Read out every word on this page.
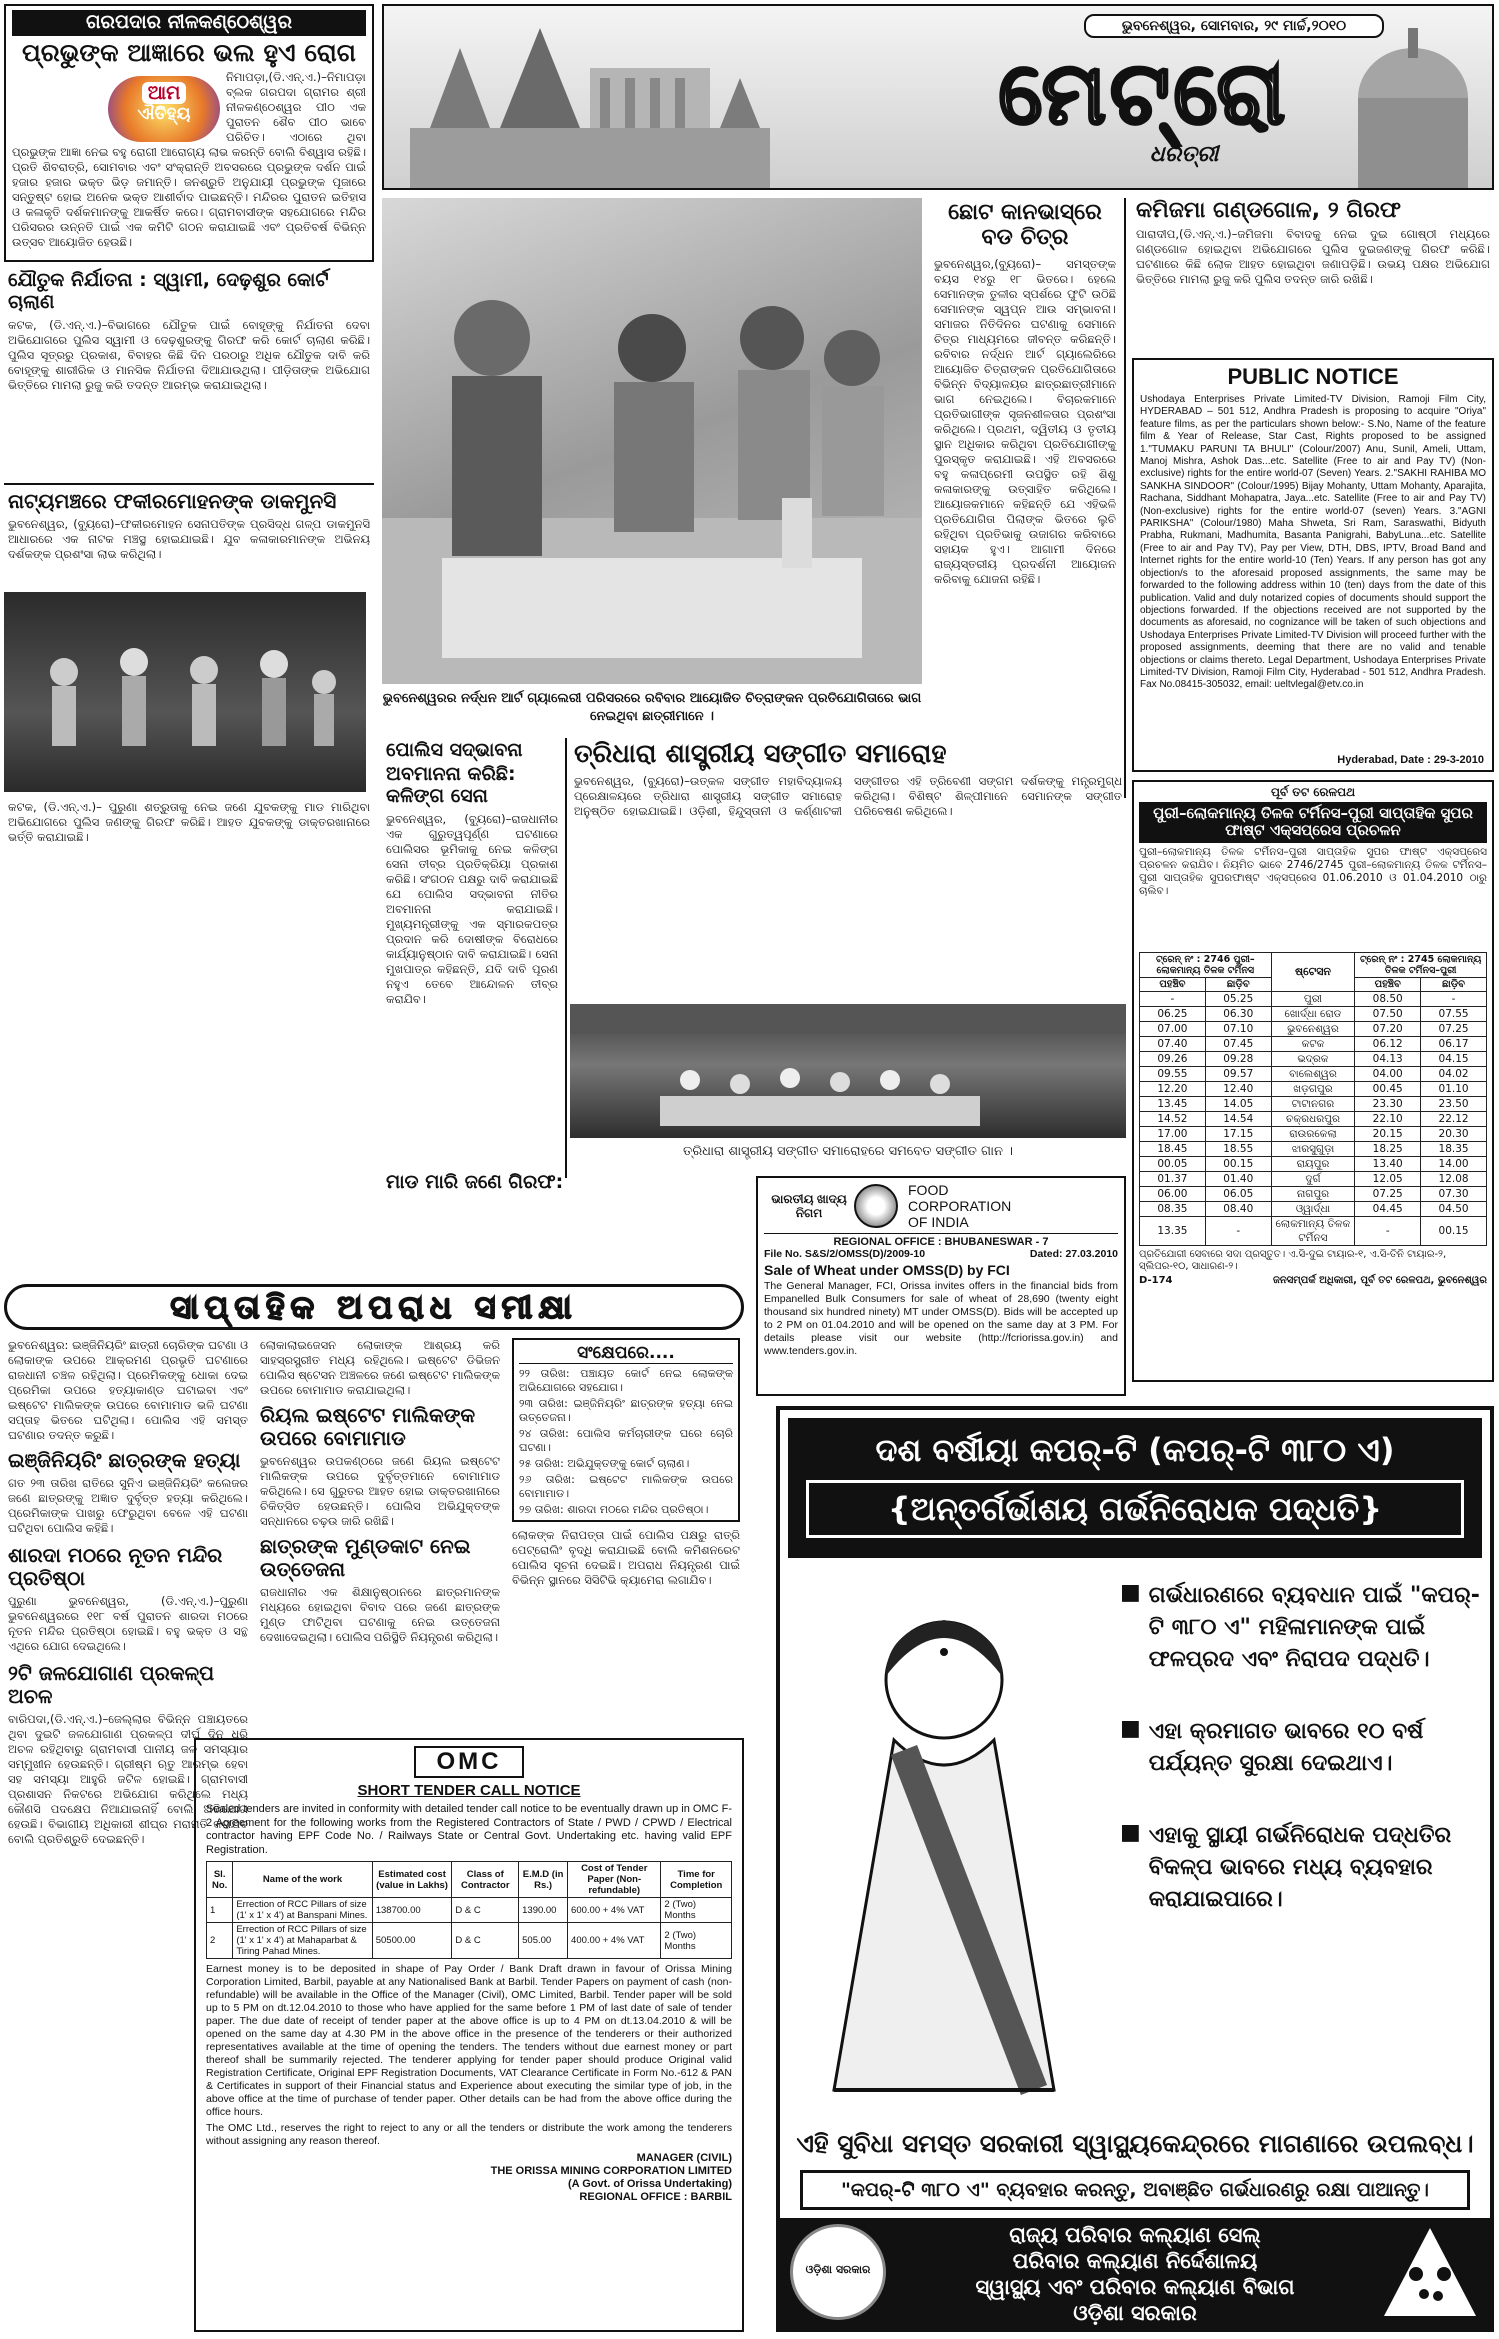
ଭୁବନେଶ୍ୱର, ସୋମବାର, ୨୯ ମାର୍ଚ୍ଚ,୨୦୧୦
ମେଟ୍ରୋ
ଧରିତ୍ରୀ
ଗରପଦାର ନୀଳକଣ୍ଠେଶ୍ୱର
ପ୍ରଭୁଙ୍କ ଆଜ୍ଞାରେ ଭଲ ହୁଏ ରୋଗ
ଆମ
ଐତିହ୍ୟ
ନିମାପଡ଼ା,(ଡି.ଏନ୍.ଏ.)–ନିମାପଡ଼ା ବ୍ଲକ ଗରପଦା ଗ୍ରାମର ଶ୍ରୀ ନୀଳକଣ୍ଠେଶ୍ୱର ପୀଠ ଏକ ପୁରାତନ ଶୈବ ପୀଠ ଭାବେ ପରିଚିତ। ଏଠାରେ ଥିବା ପ୍ରଭୁଙ୍କ ଆଜ୍ଞା ନେଇ ବହୁ ରୋଗୀ ଆରୋଗ୍ୟ ଲାଭ କରନ୍ତି ବୋଲି ବିଶ୍ୱାସ ରହିଛି। ପ୍ରତି ଶିବରାତ୍ରି, ସୋମବାର ଏବଂ ସଂକ୍ରାନ୍ତି ଅବସରରେ ପ୍ରଭୁଙ୍କ ଦର୍ଶନ ପାଇଁ ହଜାର ହଜାର ଭକ୍ତ ଭିଡ଼ ଜମାନ୍ତି। ଜନଶ୍ରୁତି ଅନୁଯାୟୀ ପ୍ରଭୁଙ୍କ ପୂଜାରେ ସନ୍ତୁଷ୍ଟ ହୋଇ ଅନେକ ଭକ୍ତ ଆଶୀର୍ବାଦ ପାଇଛନ୍ତି। ମନ୍ଦିରର ପୁରାତନ ଇତିହାସ ଓ କଳାକୃତି ଦର୍ଶକମାନଙ୍କୁ ଆକର୍ଷିତ କରେ। ଗ୍ରାମବାସୀଙ୍କ ସହଯୋଗରେ ମନ୍ଦିର ପରିସରର ଉନ୍ନତି ପାଇଁ ଏକ କମିଟି ଗଠନ କରାଯାଇଛି ଏବଂ ପ୍ରତିବର୍ଷ ବିଭିନ୍ନ ଉତ୍ସବ ଆୟୋଜିତ ହେଉଛି।
ଯୌତୁକ ନିର୍ଯାତନା : ସ୍ୱାମୀ, ଦେଢ଼ଶୁର କୋର୍ଟ ଚାଲାଣ
କଟକ, (ଡି.ଏନ୍.ଏ.)–ବିଭାଗରେ ଯୌତୁକ ପାଇଁ ବୋହୂଙ୍କୁ ନିର୍ଯାତନା ଦେବା ଅଭିଯୋଗରେ ପୁଲିସ ସ୍ୱାମୀ ଓ ଦେଢ଼ଶୁରଙ୍କୁ ଗିରଫ କରି କୋର୍ଟ ଚାଲାଣ କରିଛି। ପୁଲିସ ସୂତ୍ରରୁ ପ୍ରକାଶ, ବିବାହର କିଛି ଦିନ ପରଠାରୁ ଅଧିକ ଯୌତୁକ ଦାବି କରି ବୋହୂଙ୍କୁ ଶାରୀରିକ ଓ ମାନସିକ ନିର୍ଯାତନା ଦିଆଯାଉଥିଲା। ପୀଡ଼ିତାଙ୍କ ଅଭିଯୋଗ ଭିତ୍ତିରେ ମାମଲା ରୁଜୁ କରି ତଦନ୍ତ ଆରମ୍ଭ କରାଯାଇଥିଲା।
ନାଟ୍ୟମଞ୍ଚରେ ଫକୀରମୋହନଙ୍କ ଡାକମୁନସି
ଭୁବନେଶ୍ୱର, (ବ୍ୟୁରୋ)–ଫକୀରମୋହନ ସେନାପତିଙ୍କ ପ୍ରସିଦ୍ଧ ଗଳ୍ପ ଡାକମୁନସି ଆଧାରରେ ଏକ ନାଟକ ମଞ୍ଚସ୍ଥ ହୋଇଯାଇଛି। ଯୁବ କଳାକାରମାନଙ୍କ ଅଭିନୟ ଦର୍ଶକଙ୍କ ପ୍ରଶଂସା ଲାଭ କରିଥିଲା।
କଟକ, (ଡି.ଏନ୍.ଏ.)– ପୁରୁଣା ଶତ୍ରୁତାକୁ ନେଇ ଜଣେ ଯୁବକଙ୍କୁ ମାଡ ମାରିଥିବା ଅଭିଯୋଗରେ ପୁଲିସ ଜଣଙ୍କୁ ଗିରଫ କରିଛି। ଆହତ ଯୁବକଙ୍କୁ ଡାକ୍ତରଖାନାରେ ଭର୍ତ୍ତି କରାଯାଇଛି।
ଭୁବନେଶ୍ୱରର ନର୍ଦ୍ଧନ ଆର୍ଟ ଗ୍ୟାଲେରୀ ପରିସରରେ ରବିବାର ଆୟୋଜିତ ଚିତ୍ରାଙ୍କନ ପ୍ରତିଯୋଗିତାରେ ଭାଗ ନେଇଥିବା ଛାତ୍ରୀମାନେ ।
ଛୋଟ କାନଭାସ୍‌ରେ ବଡ ଚିତ୍ର
ଭୁବନେଶ୍ୱର,(ବ୍ୟୁରୋ)– ସମସ୍ତଙ୍କ ବୟସ ୧୪ରୁ ୧୮ ଭିତରେ। ହେଲେ ସେମାନଙ୍କ ତୁଳୀର ସ୍ପର୍ଶରେ ଫୁଟି ଉଠିଛି ସେମାନଙ୍କ ସ୍ୱପ୍ନ ଆଉ ସମ୍ଭାବନା। ସମାଜର ନିତିଦିନର ଘଟଣାକୁ ସେମାନେ ଚିତ୍ର ମାଧ୍ୟମରେ ଜୀବନ୍ତ କରିଛନ୍ତି। ରବିବାର ନର୍ଦ୍ଧନ ଆର୍ଟ ଗ୍ୟାଲେରିରେ ଆୟୋଜିତ ଚିତ୍ରାଙ୍କନ ପ୍ରତିଯୋଗିତାରେ ବିଭିନ୍ନ ବିଦ୍ୟାଳୟର ଛାତ୍ରଛାତ୍ରୀମାନେ ଭାଗ ନେଇଥିଲେ। ବିଚାରକମାନେ ପ୍ରତିଭାଗୀଙ୍କ ସୃଜନଶୀଳତାର ପ୍ରଶଂସା କରିଥିଲେ। ପ୍ରଥମ, ଦ୍ୱିତୀୟ ଓ ତୃତୀୟ ସ୍ଥାନ ଅଧିକାର କରିଥିବା ପ୍ରତିଯୋଗୀଙ୍କୁ ପୁରସ୍କୃତ କରାଯାଇଛି। ଏହି ଅବସରରେ ବହୁ କଳାପ୍ରେମୀ ଉପସ୍ଥିତ ରହି ଶିଶୁ କଳାକାରଙ୍କୁ ଉତ୍ସାହିତ କରିଥିଲେ। ଆୟୋଜକମାନେ କହିଛନ୍ତି ଯେ ଏହିଭଳି ପ୍ରତିଯୋଗିତା ପିଲାଙ୍କ ଭିତରେ ଲୁଚି ରହିଥିବା ପ୍ରତିଭାକୁ ଉଜାଗର କରିବାରେ ସହାୟକ ହୁଏ। ଆଗାମୀ ଦିନରେ ରାଜ୍ୟସ୍ତରୀୟ ପ୍ରଦର୍ଶନୀ ଆୟୋଜନ କରିବାକୁ ଯୋଜନା ରହିଛି।
କମିଜମା ଗଣ୍ଡଗୋଳ, ୨ ଗିରଫ
ପାରାଦୀପ,(ଡି.ଏନ୍.ଏ.)–ଜମିଜମା ବିବାଦକୁ ନେଇ ଦୁଇ ଗୋଷ୍ଠୀ ମଧ୍ୟରେ ଗଣ୍ଡଗୋଳ ହୋଇଥିବା ଅଭିଯୋଗରେ ପୁଲିସ ଦୁଇଜଣଙ୍କୁ ଗିରଫ କରିଛି। ଘଟଣାରେ କିଛି ଲୋକ ଆହତ ହୋଇଥିବା ଜଣାପଡ଼ିଛି। ଉଭୟ ପକ୍ଷର ଅଭିଯୋଗ ଭିତ୍ତିରେ ମାମଲା ରୁଜୁ କରି ପୁଲିସ ତଦନ୍ତ ଜାରି ରଖିଛି।
PUBLIC NOTICE
Ushodaya Enterprises Private Limited-TV Division, Ramoji Film City, HYDERABAD – 501 512, Andhra Pradesh is proposing to acquire "Oriya" feature films, as per the particulars shown below:- S.No, Name of the feature film & Year of Release, Star Cast, Rights proposed to be assigned 1."TUMAKU PARUNI TA BHULI" (Colour/2007) Anu, Sunil, Ameli, Uttam, Manoj Mishra, Ashok Das...etc. Satellite (Free to air and Pay TV) (Non-exclusive) rights for the entire world-07 (Seven) Years. 2."SAKHI RAHIBA MO SANKHA SINDOOR" (Colour/1995) Bijay Mohanty, Uttam Mohanty, Aparajita, Rachana, Siddhant Mohapatra, Jaya...etc. Satellite (Free to air and Pay TV) (Non-exclusive) rights for the entire world-07 (seven) Years. 3."AGNI PARIKSHA" (Colour/1980) Maha Shweta, Sri Ram, Saraswathi, Bidyuth Prabha, Rukmani, Madhumita, Basanta Panigrahi, BabyLuna...etc. Satellite (Free to air and Pay TV), Pay per View, DTH, DBS, IPTV, Broad Band and Internet rights for the entire world-10 (Ten) Years. If any person has got any objection/s to the aforesaid proposed assignments, the same may be forwarded to the following address within 10 (ten) days from the date of this publication. Valid and duly notarized copies of documents should support the objections forwarded. If the objections received are not supported by the documents as aforesaid, no cognizance will be taken of such objections and Ushodaya Enterprises Private Limited-TV Division will proceed further with the proposed assignments, deeming that there are no valid and tenable objections or claims thereto. Legal Department, Ushodaya Enterprises Private Limited-TV Division, Ramoji Film City, Hyderabad - 501 512, Andhra Pradesh. Fax No.08415-305032, email: ueltvlegal@etv.co.in
Hyderabad, Date : 29-3-2010
ପୂର୍ବ ତଟ ରେଳପଥ
ପୁରୀ–ଲୋକମାନ୍ୟ ତିଳକ ଟର୍ମିନସ–ପୁରୀ ସାପ୍ତାହିକ ସୁପର ଫାଷ୍ଟ ଏକ୍ସପ୍ରେସ ପ୍ରଚଳନ
ପୁରୀ–ଲୋକମାନ୍ୟ ତିଳକ ଟର୍ମିନସ–ପୁରୀ ସାପ୍ତାହିକ ସୁପର ଫାଷ୍ଟ ଏକ୍ସପ୍ରେସ ପ୍ରଚଳନ କରାଯିବ। ନିୟମିତ ଭାବେ 2746/2745 ପୁରୀ–ଲୋକମାନ୍ୟ ତିଳକ ଟର୍ମିନସ–ପୁରୀ ସାପ୍ତାହିକ ସୁପରଫାଷ୍ଟ ଏକ୍ସପ୍ରେସ 01.06.2010 ଓ 01.04.2010 ଠାରୁ ଚାଲିବ।
ଟ୍ରେନ୍ ନଂ : 2746 ପୁରୀ–ଲୋକମାନ୍ୟ ତିଳକ ଟର୍ମିନସ		ଷ୍ଟେସନ	ଟ୍ରେନ୍ ନଂ : 2745 ଲୋକମାନ୍ୟ ତିଳକ ଟର୍ମିନସ–ପୁରୀ	
ପହଞ୍ଚିବ	ଛାଡ଼ିବ		ପହଞ୍ଚିବ	ଛାଡ଼ିବ
-	05.25	ପୁରୀ	08.50	-
06.25	06.30	ଖୋର୍ଦ୍ଧା ରୋଡ	07.50	07.55
07.00	07.10	ଭୁବନେଶ୍ୱର	07.20	07.25
07.40	07.45	କଟକ	06.12	06.17
09.26	09.28	ଭଦ୍ରକ	04.13	04.15
09.55	09.57	ବାଲେଶ୍ୱର	04.00	04.02
12.20	12.40	ଖଡ଼ଗପୁର	00.45	01.10
13.45	14.05	ଟାଟାନଗର	23.30	23.50
14.52	14.54	ଚକ୍ରଧରପୁର	22.10	22.12
17.00	17.15	ରାଉରକେଲା	20.15	20.30
18.45	18.55	ଝାରସୁଗୁଡ଼ା	18.25	18.35
00.05	00.15	ରାୟପୁର	13.40	14.00
01.37	01.40	ଦୁର୍ଗ	12.05	12.08
06.00	06.05	ନାଗପୁର	07.25	07.30
08.35	08.40	ଓ୍ୱାର୍ଦ୍ଧା	04.45	04.50
13.35	-	ଲୋକମାନ୍ୟ ତିଳକ ଟର୍ମିନସ	-	00.15
ପ୍ରତିଯୋଗୀ ସେବାରେ ସଦା ପ୍ରସ୍ତୁତ। ଏ.ସି-ଦୁଇ ଟାୟାର-୧, ଏ.ସି-ତିନି ଟାୟାର-୨, ସ୍ଲିପର-୧୦, ସାଧାରଣ-୨।
D-174	ଜନସମ୍ପର୍କ ଅଧିକାରୀ, ପୂର୍ବ ତଟ ରେଳପଥ, ଭୁବନେଶ୍ୱର
ପୋଲିସ ସଦ୍ଭାବନା
ଅବମାନନା କରିଛି: କଳିଙ୍ଗ ସେନା
ଭୁବନେଶ୍ୱର, (ବ୍ୟୁରୋ)–ରାଜଧାନୀର ଏକ ଗୁରୁତ୍ୱପୂର୍ଣ୍ଣ ଘଟଣାରେ ପୋଲିସର ଭୂମିକାକୁ ନେଇ କଳିଙ୍ଗ ସେନା ତୀବ୍ର ପ୍ରତିକ୍ରିୟା ପ୍ରକାଶ କରିଛି। ସଂଗଠନ ପକ୍ଷରୁ ଦାବି କରାଯାଇଛି ଯେ ପୋଲିସ ସଦ୍ଭାବନା ନୀତିର ଅବମାନନା କରାଯାଇଛି। ମୁଖ୍ୟମନ୍ତ୍ରୀଙ୍କୁ ଏକ ସ୍ମାରକପତ୍ର ପ୍ରଦାନ କରି ଦୋଷୀଙ୍କ ବିରୋଧରେ କାର୍ଯ୍ୟାନୁଷ୍ଠାନ ଦାବି କରାଯାଇଛି। ସେନା ମୁଖପାତ୍ର କହିଛନ୍ତି, ଯଦି ଦାବି ପୂରଣ ନହୁଏ ତେବେ ଆନ୍ଦୋଳନ ତୀବ୍ର କରାଯିବ।
ତ୍ରିଧାରା ଶାସ୍ତ୍ରୀୟ ସଙ୍ଗୀତ ସମାରୋହ
ଭୁବନେଶ୍ୱର, (ବ୍ୟୁରୋ)–ଉତ୍କଳ ସଙ୍ଗୀତ ମହାବିଦ୍ୟାଳୟ ପ୍ରେକ୍ଷାଳୟରେ ତ୍ରିଧାରା ଶାସ୍ତ୍ରୀୟ ସଙ୍ଗୀତ ସମାରୋହ ଅନୁଷ୍ଠିତ ହୋଇଯାଇଛି। ଓଡ଼ିଶୀ, ହିନ୍ଦୁସ୍ତାନୀ ଓ କର୍ଣ୍ଣାଟକୀ ସଙ୍ଗୀତର ଏହି ତ୍ରିବେଣୀ ସଙ୍ଗମ ଦର୍ଶକଙ୍କୁ ମନ୍ତ୍ରମୁଗ୍ଧ କରିଥିଲା। ବିଶିଷ୍ଟ ଶିଳ୍ପୀମାନେ ସେମାନଙ୍କ ସଙ୍ଗୀତ ପରିବେଷଣ କରିଥିଲେ।
ତ୍ରିଧାରା ଶାସ୍ତ୍ରୀୟ ସଙ୍ଗୀତ ସମାରୋହରେ ସମବେତ ସଙ୍ଗୀତ ଗାନ ।
ମାଡ ମାରି ଜଣେ ଗିରଫ:
ଭାରତୀୟ ଖାଦ୍ୟ ନିଗମ
FOOD
CORPORATION
OF INDIA
REGIONAL OFFICE : BHUBANESWAR - 7
File No. S&S/2/OMSS(D)/2009-10	Dated: 27.03.2010
Sale of Wheat under OMSS(D) by FCI
The General Manager, FCI, Orissa invites offers in the financial bids from Empanelled Bulk Consumers for sale of wheat of 28,690 (twenty eight thousand six hundred ninety) MT under OMSS(D). Bids will be accepted up to 2 PM on 01.04.2010 and will be opened on the same day at 3 PM. For details please visit our website (http://fcriorissa.gov.in) and www.tenders.gov.in.
ସାପ୍ତାହିକ ଅପରାଧ ସମୀକ୍ଷା
ଭୁବନେଶ୍ୱର: ଇଞ୍ଜିନିୟରିଂ ଛାତ୍ରୀ ଚୋରିଙ୍କ ଘଟଣା ଓ ଲୋକାଙ୍କ ଉପରେ ଆକ୍ରମଣ ପ୍ରଭୃତି ଘଟଣାରେ ରାଜଧାନୀ ଚଞ୍ଚଳ ରହିଥିଲା। ପ୍ରେମିକଙ୍କୁ ଧୋକା ଦେଇ ପ୍ରେମିକା ଉପରେ ହତ୍ୟାକାଣ୍ଡ ଘଟାଇବା ଏବଂ ଇଷ୍ଟେଟ ମାଲିକଙ୍କ ଉପରେ ବୋମାମାଡ ଭଳି ଘଟଣା ସପ୍ତାହ ଭିତରେ ଘଟିଥିଲା। ପୋଲିସ ଏହି ସମସ୍ତ ଘଟଣାର ତଦନ୍ତ କରୁଛି।
ଇଞ୍ଜିନିୟରିଂ ଛାତ୍ରଙ୍କ ହତ୍ୟା
ଗତ ୨୩ ତାରିଖ ରାତିରେ ସୁନିଏ ଇଞ୍ଜିନିୟରିଂ କଲେଜର ଜଣେ ଛାତ୍ରଙ୍କୁ ଅଜ୍ଞାତ ଦୁର୍ବୃତ୍ତ ହତ୍ୟା କରିଥିଲେ। ପ୍ରେମିକାଙ୍କ ପାଖରୁ ଫେରୁଥିବା ବେଳେ ଏହି ଘଟଣା ଘଟିଥିବା ପୋଲିସ କହିଛି।
ଶାରଦା ମଠରେ ନୂତନ ମନ୍ଦିର ପ୍ରତିଷ୍ଠା
ପୁରୁଣା ଭୁବନେଶ୍ୱର, (ଡି.ଏନ୍.ଏ.)–ପୁରୁଣା ଭୁବନେଶ୍ୱରରେ ୧୧୮ ବର୍ଷ ପୁରାତନ ଶାରଦା ମଠରେ ନୂତନ ମନ୍ଦିର ପ୍ରତିଷ୍ଠା ହୋଇଛି। ବହୁ ଭକ୍ତ ଓ ସନ୍ଥ ଏଥିରେ ଯୋଗ ଦେଇଥିଲେ।
୨ଟି ଜଳଯୋଗାଣ ପ୍ରକଳ୍ପ ଅଚଳ
ବାରିପଦା,(ଡି.ଏନ୍.ଏ.)–ଜେଲ୍ଲାର ବିଭିନ୍ନ ପଞ୍ଚାୟତରେ ଥିବା ଦୁଇଟି ଜଳଯୋଗାଣ ପ୍ରକଳ୍ପ ଦୀର୍ଘ ଦିନ ଧରି ଅଚଳ ରହିଥିବାରୁ ଗ୍ରାମବାସୀ ପାନୀୟ ଜଳ ସମସ୍ୟାର ସମ୍ମୁଖୀନ ହେଉଛନ୍ତି। ଗ୍ରୀଷ୍ମ ଋତୁ ଆରମ୍ଭ ହେବା ସହ ସମସ୍ୟା ଆହୁରି ଜଟିଳ ହୋଇଛି। ଗ୍ରାମବାସୀ ପ୍ରଶାସନ ନିକଟରେ ଅଭିଯୋଗ କରିଥିଲେ ମଧ୍ୟ କୌଣସି ପଦକ୍ଷେପ ନିଆଯାଇନାହିଁ ବୋଲି ଅଭିଯୋଗ ହେଉଛି। ବିଭାଗୀୟ ଅଧିକାରୀ ଶୀଘ୍ର ମରାମତି କରାଯିବ ବୋଲି ପ୍ରତିଶ୍ରୁତି ଦେଇଛନ୍ତି।
ଲୋକାଲାଇଜେସନ ଲୋକାଙ୍କ ଆଶ୍ରୟ କରି ସାହସ୍ରସ୍ପ୍ରୀତ ମଧ୍ୟ ରହିଥିଲେ। ଇଷ୍ଟେଟ ଡିଭିଜନ ପୋଲିସ ଷ୍ଟେସନ ଅଞ୍ଚଳରେ ଜଣେ ଇଷ୍ଟେଟ ମାଲିକଙ୍କ ଉପରେ ବୋମାମାଡ କରାଯାଇଥିଲା।
ରିୟଲ ଇଷ୍ଟେଟ ମାଲିକଙ୍କ ଉପରେ ବୋମାମାଡ
ଭୁବନେଶ୍ୱର ଉପକଣ୍ଠରେ ଜଣେ ରିୟଲ ଇଷ୍ଟେଟ ମାଲିକଙ୍କ ଉପରେ ଦୁର୍ବୃତ୍ତମାନେ ବୋମାମାଡ କରିଥିଲେ। ସେ ଗୁରୁତର ଆହତ ହୋଇ ଡାକ୍ତରଖାନାରେ ଚିକିତ୍ସିତ ହେଉଛନ୍ତି। ପୋଲିସ ଅଭିଯୁକ୍ତଙ୍କ ସନ୍ଧାନରେ ଚଢ଼ଉ ଜାରି ରଖିଛି।
ଛାତ୍ରଙ୍କ ମୁଣ୍ଡକାଟ ନେଇ ଉତ୍ତେଜନା
ରାଜଧାନୀର ଏକ ଶିକ୍ଷାନୁଷ୍ଠାନରେ ଛାତ୍ରମାନଙ୍କ ମଧ୍ୟରେ ହୋଇଥିବା ବିବାଦ ପରେ ଜଣେ ଛାତ୍ରଙ୍କ ମୁଣ୍ଡ ଫାଟିଥିବା ଘଟଣାକୁ ନେଇ ଉତ୍ତେଜନା ଦେଖାଦେଇଥିଲା। ପୋଲିସ ପରିସ୍ଥିତି ନିୟନ୍ତ୍ରଣ କରିଥିଲା।
ସଂକ୍ଷେପରେ....
୨୨ ତାରିଖ: ପଞ୍ଚାୟତ କୋର୍ଟ ନେଇ ଲୋକଙ୍କ ଅଭିଯୋଗରେ ସହଯୋଗ।
୨୩ ତାରିଖ: ଇଞ୍ଜିନିୟରିଂ ଛାତ୍ରଙ୍କ ହତ୍ୟା ନେଇ ଉତ୍ତେଜନା।
୨୪ ତାରିଖ: ପୋଲିସ କର୍ମଚାରୀଙ୍କ ଘରେ ଚୋରି ଘଟଣା।
୨୫ ତାରିଖ: ଅଭିଯୁକ୍ତଙ୍କୁ କୋର୍ଟ ଚାଲାଣ।
୨୬ ତାରିଖ: ଇଷ୍ଟେଟ ମାଲିକଙ୍କ ଉପରେ ବୋମାମାଡ।
୨୭ ତାରିଖ: ଶାରଦା ମଠରେ ମନ୍ଦିର ପ୍ରତିଷ୍ଠା।
ଲୋକଙ୍କ ନିରାପତ୍ତା ପାଇଁ ପୋଲିସ ପକ୍ଷରୁ ରାତ୍ରି ପେଟ୍ରୋଲିଂ ବୃଦ୍ଧି କରାଯାଇଛି ବୋଲି କମିଶନରେଟ ପୋଲିସ ସୂଚନା ଦେଇଛି। ଅପରାଧ ନିୟନ୍ତ୍ରଣ ପାଇଁ ବିଭିନ୍ନ ସ୍ଥାନରେ ସିସିଟିଭି କ୍ୟାମେରା ଲଗାଯିବ।
OMC
SHORT TENDER CALL NOTICE
Sealed tenders are invited in conformity with detailed tender call notice to be eventually drawn up in OMC F-2 Agreement for the following works from the Registered Contractors of State / PWD / CPWD / Electrical contractor having EPF Code No. / Railways State or Central Govt. Undertaking etc. having valid EPF Registration.
Sl. No.	Name of the work	Estimated cost (value in Lakhs)	Class of Contractor	E.M.D (in Rs.)	Cost of Tender Paper (Non-refundable)	Time for Completion
1	Errection of RCC Pillars of size (1' x 1' x 4') at Banspani Mines.	138700.00	D & C	1390.00	600.00 + 4% VAT	2 (Two) Months
2	Errection of RCC Pillars of size (1' x 1' x 4') at Mahaparbat & Tiring Pahad Mines.	50500.00	D & C	505.00	400.00 + 4% VAT	2 (Two) Months
Earnest money is to be deposited in shape of Pay Order / Bank Draft drawn in favour of Orissa Mining Corporation Limited, Barbil, payable at any Nationalised Bank at Barbil. Tender Papers on payment of cash (non-refundable) will be available in the Office of the Manager (Civil), OMC Limited, Barbil. Tender paper will be sold up to 5 PM on dt.12.04.2010 to those who have applied for the same before 1 PM of last date of sale of tender paper. The due date of receipt of tender paper at the above office is up to 4 PM on dt.13.04.2010 & will be opened on the same day at 4.30 PM in the above office in the presence of the tenderers or their authorized representatives available at the time of opening the tenders. The tenders without due earnest money or part thereof shall be summarily rejected. The tenderer applying for tender paper should produce Original valid Registration Certificate, Original EPF Registration Documents, VAT Clearance Certificate in Form No.-612 & PAN & Certificates in support of their Financial status and Experience about executing the similar type of job, in the above office at the time of purchase of tender paper. Other details can be had from the above office during the office hours.
The OMC Ltd., reserves the right to reject to any or all the tenders or distribute the work among the tenderers without assigning any reason thereof.
MANAGER (CIVIL)
THE ORISSA MINING CORPORATION LIMITED
(A Govt. of Orissa Undertaking)
REGIONAL OFFICE : BARBIL
ଦଶ ବର୍ଷୀୟା କପର୍-ଟି (କପର୍-ଟି ୩୮୦ ଏ)
{ଅନ୍ତର୍ଗର୍ଭାଶୟ ଗର୍ଭନିରୋଧକ ପଦ୍ଧତି}
■ ଗର୍ଭଧାରଣରେ ବ୍ୟବଧାନ ପାଇଁ "କପର୍-ଟି ୩୮୦ ଏ" ମହିଳାମାନଙ୍କ ପାଇଁ ଫଳପ୍ରଦ ଏବଂ ନିରାପଦ ପଦ୍ଧତି।
■ ଏହା କ୍ରମାଗତ ଭାବରେ ୧୦ ବର୍ଷ ପର୍ଯ୍ୟନ୍ତ ସୁରକ୍ଷା ଦେଇଥାଏ।
■ ଏହାକୁ ସ୍ଥାୟୀ ଗର୍ଭନିରୋଧକ ପଦ୍ଧତିର ବିକଳ୍ପ ଭାବରେ ମଧ୍ୟ ବ୍ୟବହାର କରାଯାଇପାରେ।
ଏହି ସୁବିଧା ସମସ୍ତ ସରକାରୀ ସ୍ୱାସ୍ଥ୍ୟକେନ୍ଦ୍ରରେ ମାଗଣାରେ ଉପଲବ୍ଧ।
"କପର୍-ଟି ୩୮୦ ଏ" ବ୍ୟବହାର କରନ୍ତୁ, ଅବାଞ୍ଛିତ ଗର୍ଭଧାରଣରୁ ରକ୍ଷା ପାଆନ୍ତୁ।
ଓଡ଼ିଶା ସରକାର
ରାଜ୍ୟ ପରିବାର କଲ୍ୟାଣ ସେଲ୍
ପରିବାର କଲ୍ୟାଣ ନିର୍ଦ୍ଦେଶାଳୟ
ସ୍ୱାସ୍ଥ୍ୟ ଏବଂ ପରିବାର କଲ୍ୟାଣ ବିଭାଗ
ଓଡ଼ିଶା ସରକାର
